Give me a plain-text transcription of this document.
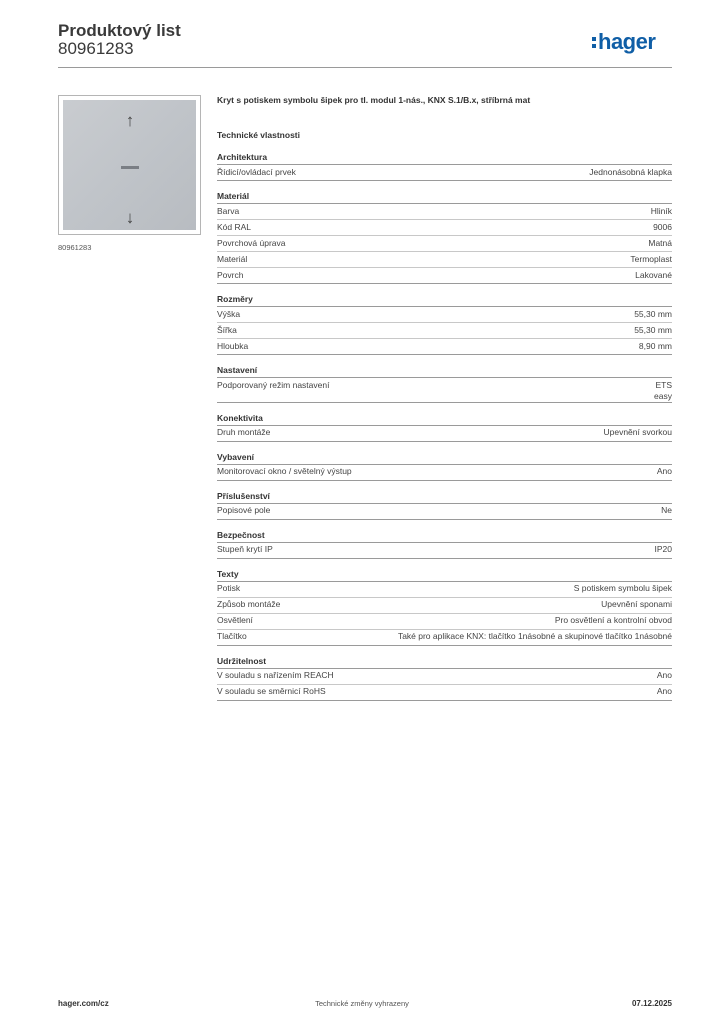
Produktový list
80961283	hager
↑
↓
80961283

Kryt s potiskem symbolu šipek pro tl. modul 1-nás., KNX S.1/B.x, stříbrná mat

Technické vlastnosti
Architektura
Řídicí/ovládací prvek	Jednonásobná klapka
Materiál
Barva	Hliník
Kód RAL	9006
Povrchová úprava	Matná
Materiál	Termoplast
Povrch	Lakované
Rozměry
Výška	55,30 mm
Šířka	55,30 mm
Hloubka	8,90 mm
Nastavení
Podporovaný režim nastavení	ETS
easy
Konektivita
Druh montáže	Upevnění svorkou
Vybavení
Monitorovací okno / světelný výstup	Ano
Příslušenství
Popisové pole	Ne
Bezpečnost
Stupeň krytí IP	IP20
Texty
Potisk	S potiskem symbolu šipek
Způsob montáže	Upevnění sponami
Osvětlení	Pro osvětlení a kontrolní obvod
Tlačítko	Také pro aplikace KNX: tlačítko 1násobné a skupinové tlačítko 1násobné
Udržitelnost
V souladu s nařízením REACH	Ano
V souladu se směrnicí RoHS	Ano
hager.com/cz	Technické změny vyhrazeny	07.12.2025
